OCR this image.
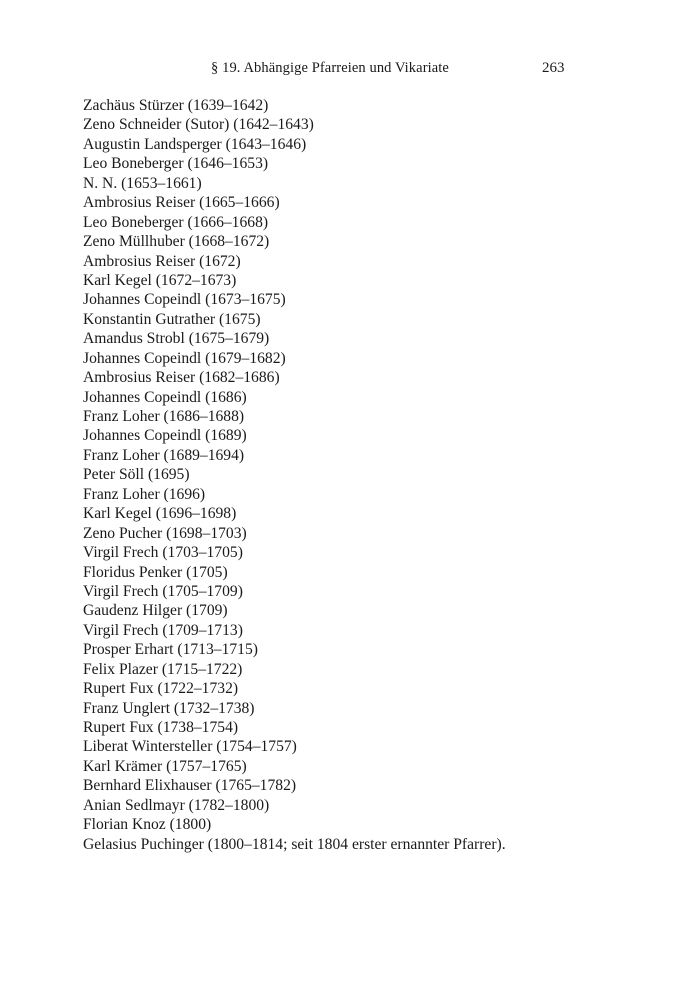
§ 19. Abhängige Pfarreien und Vikariate	263
Zachäus Stürzer (1639–1642)
Zeno Schneider (Sutor) (1642–1643)
Augustin Landsperger (1643–1646)
Leo Boneberger (1646–1653)
N. N. (1653–1661)
Ambrosius Reiser (1665–1666)
Leo Boneberger (1666–1668)
Zeno Müllhuber (1668–1672)
Ambrosius Reiser (1672)
Karl Kegel (1672–1673)
Johannes Copeindl (1673–1675)
Konstantin Gutrather (1675)
Amandus Strobl (1675–1679)
Johannes Copeindl (1679–1682)
Ambrosius Reiser (1682–1686)
Johannes Copeindl (1686)
Franz Loher (1686–1688)
Johannes Copeindl (1689)
Franz Loher (1689–1694)
Peter Söll (1695)
Franz Loher (1696)
Karl Kegel (1696–1698)
Zeno Pucher (1698–1703)
Virgil Frech (1703–1705)
Floridus Penker (1705)
Virgil Frech (1705–1709)
Gaudenz Hilger (1709)
Virgil Frech (1709–1713)
Prosper Erhart (1713–1715)
Felix Plazer (1715–1722)
Rupert Fux (1722–1732)
Franz Unglert (1732–1738)
Rupert Fux (1738–1754)
Liberat Wintersteller (1754–1757)
Karl Krämer (1757–1765)
Bernhard Elixhauser (1765–1782)
Anian Sedlmayr (1782–1800)
Florian Knoz (1800)
Gelasius Puchinger (1800–1814; seit 1804 erster ernannter Pfarrer).
